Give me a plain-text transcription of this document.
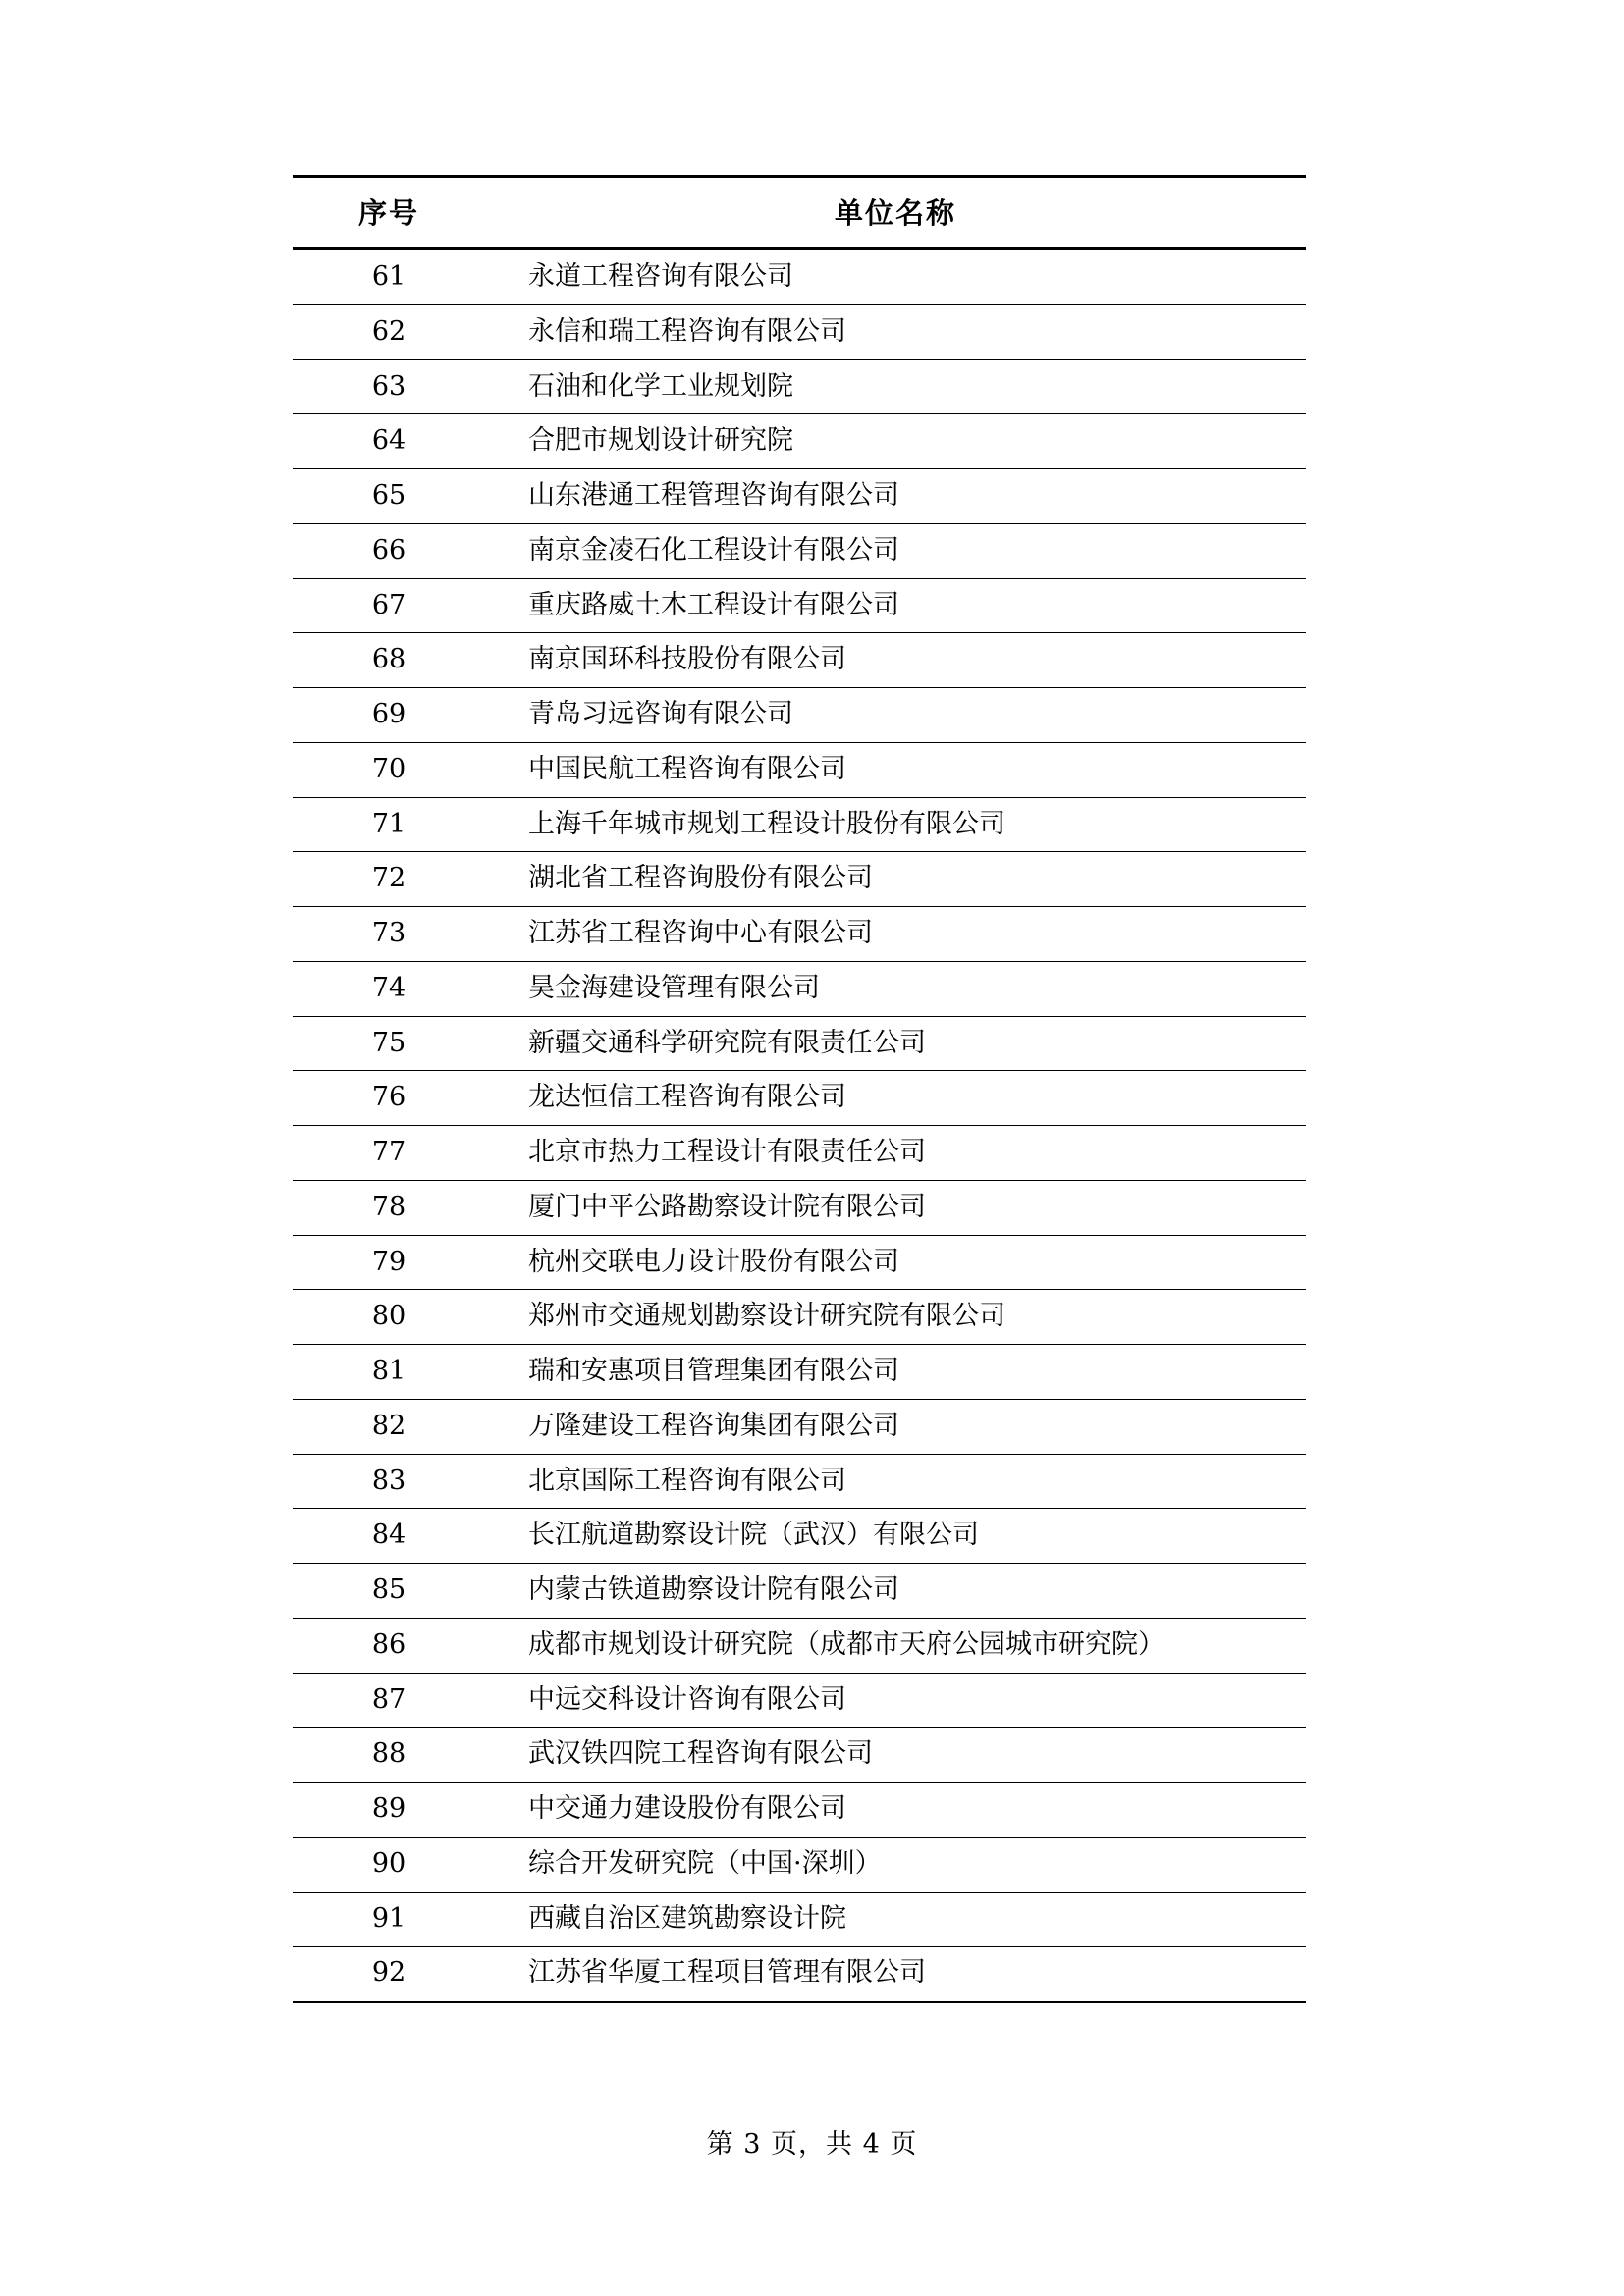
序号	单位名称
61	永道工程咨询有限公司
62	永信和瑞工程咨询有限公司
63	石油和化学工业规划院
64	合肥市规划设计研究院
65	山东港通工程管理咨询有限公司
66	南京金凌石化工程设计有限公司
67	重庆路威土木工程设计有限公司
68	南京国环科技股份有限公司
69	青岛习远咨询有限公司
70	中国民航工程咨询有限公司
71	上海千年城市规划工程设计股份有限公司
72	湖北省工程咨询股份有限公司
73	江苏省工程咨询中心有限公司
74	昊金海建设管理有限公司
75	新疆交通科学研究院有限责任公司
76	龙达恒信工程咨询有限公司
77	北京市热力工程设计有限责任公司
78	厦门中平公路勘察设计院有限公司
79	杭州交联电力设计股份有限公司
80	郑州市交通规划勘察设计研究院有限公司
81	瑞和安惠项目管理集团有限公司
82	万隆建设工程咨询集团有限公司
83	北京国际工程咨询有限公司
84	长江航道勘察设计院（武汉）有限公司
85	内蒙古铁道勘察设计院有限公司
86	成都市规划设计研究院（成都市天府公园城市研究院）
87	中远交科设计咨询有限公司
88	武汉铁四院工程咨询有限公司
89	中交通力建设股份有限公司
90	综合开发研究院（中国·深圳）
91	西藏自治区建筑勘察设计院
92	江苏省华厦工程项目管理有限公司
第 3 页，共 4 页
